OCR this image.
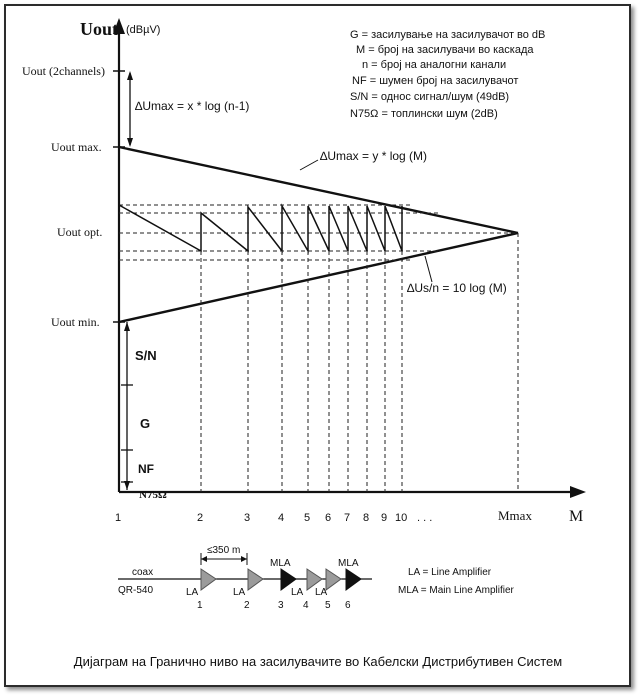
Uout (dBµV)
Uout (2channels)
Uout max.
Uout opt.
Uout min.
∆Umax = x * log (n-1)
S/N
G
NF
N75Ω
∆Umax = y * log (M)
∆Us/n = 10 log (M)
1	2	3	4 5 6 7 8 9 10 . . .	Mmax M
G = засилување на засилувачот во dB
M = број на засилувачи во каскада
n = број на аналогни канали
NF = шумен број на засилувачот
S/N = однос сигнал/шум (49dB)
N75Ω = топлински шум (2dB)
coax
QR-540
≤350 m
LA	LA
MLA
LA LA
MLA
1	2	3 4 5 6
LA = Line Amplifier
MLA = Main Line Amplifier
Дијаграм на Гранично ниво на засилувачите во Кабелски Дистрибутивен Систем
